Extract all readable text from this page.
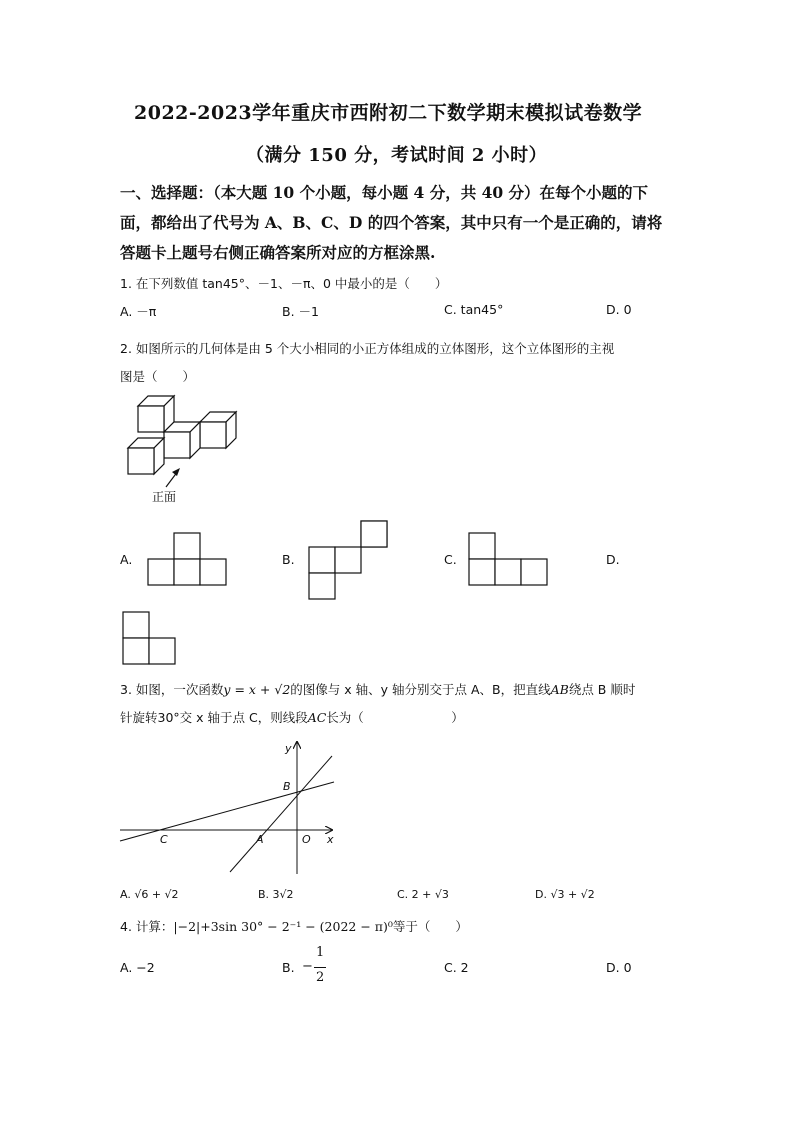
2022-2023学年重庆市西附初二下数学期末模拟试卷数学
（满分 150 分，考试时间 2 小时）
一、选择题：（本大题 10 个小题，每小题 4 分，共 40 分）在每个小题的下
面，都给出了代号为 A、B、C、D 的四个答案，其中只有一个是正确的，请将
答题卡上题号右侧正确答案所对应的方框涂黑.
1. 在下列数值 tan45°、－1、－π、0 中最小的是（　　）
A. －π	B. －1	C. tan45°	D. 0
2. 如图所示的几何体是由 5 个大小相同的小正方体组成的立体图形，这个立体图形的主视
图是（　　）
正面
A.	B.	C.	D.
3. 如图，一次函数y = x + √2的图像与 x 轴、y 轴分别交于点 A、B，把直线AB绕点 B 顺时
针旋转30°交 x 轴于点 C，则线段AC长为（　　　　　　　）
y
x
B
C	A	O
A. √6 + √2	B. 3√2	C. 2 + √3	D. √3 + √2
4. 计算：|−2|+3sin 30° − 2⁻¹ − (2022 − π)⁰等于（　　）
A. −2	B. −
1
2
C. 2	D. 0
